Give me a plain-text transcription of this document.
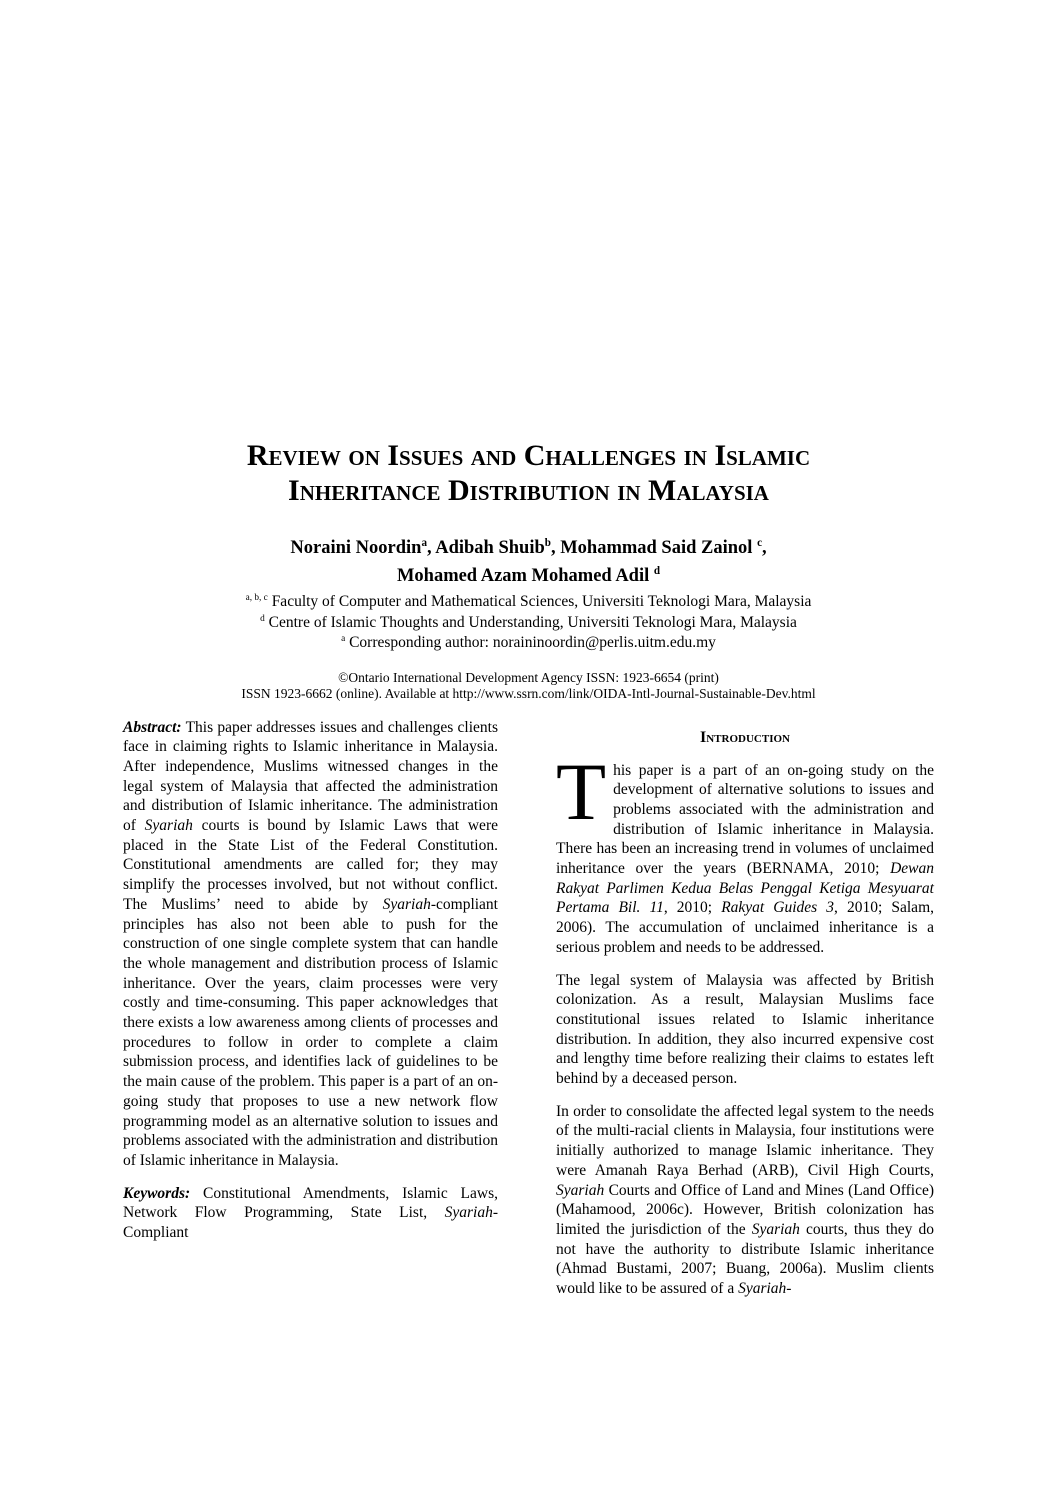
Review on Issues and Challenges in Islamic
Inheritance Distribution in Malaysia
Noraini Noordin$^a$, Adibah Shuib$^b$, Mohammad Said Zainol $^c$,
Mohamed Azam Mohamed Adil $^d$
$^{a, b, c}$ Faculty of Computer and Mathematical Sciences, Universiti Teknologi Mara, Malaysia
$^d$ Centre of Islamic Thoughts and Understanding, Universiti Teknologi Mara, Malaysia
$^a$ Corresponding author: noraininoordin@perlis.uitm.edu.my
©Ontario International Development Agency ISSN: 1923-6654 (print)
ISSN 1923-6662 (online). Available at http://www.ssrn.com/link/OIDA-Intl-Journal-Sustainable-Dev.html
Abstract: This paper addresses issues and challenges clients face in claiming rights to Islamic inheritance in Malaysia. After independence, Muslims witnessed changes in the legal system of Malaysia that affected the administration and distribution of Islamic inheritance. The administration of Syariah courts is bound by Islamic Laws that were placed in the State List of the Federal Constitution. Constitutional amendments are called for; they may simplify the processes involved, but not without conflict. The Muslims’ need to abide by Syariah-compliant principles has also not been able to push for the construction of one single complete system that can handle the whole management and distribution process of Islamic inheritance. Over the years, claim processes were very costly and time-consuming. This paper acknowledges that there exists a low awareness among clients of processes and procedures to follow in order to complete a claim submission process, and identifies lack of guidelines to be the main cause of the problem. This paper is a part of an on-going study that proposes to use a new network flow programming model as an alternative solution to issues and problems associated with the administration and distribution of Islamic inheritance in Malaysia.
Keywords: Constitutional Amendments, Islamic Laws, Network Flow Programming, State List, Syariah- Compliant
Introduction
This paper is a part of an on-going study on the development of alternative solutions to issues and problems associated with the administration and distribution of Islamic inheritance in Malaysia. There has been an increasing trend in volumes of unclaimed inheritance over the years (BERNAMA, 2010; Dewan Rakyat Parlimen Kedua Belas Penggal Ketiga Mesyuarat Pertama Bil. 11, 2010; Rakyat Guides 3, 2010; Salam, 2006). The accumulation of unclaimed inheritance is a serious problem and needs to be addressed.
The legal system of Malaysia was affected by British colonization. As a result, Malaysian Muslims face constitutional issues related to Islamic inheritance distribution. In addition, they also incurred expensive cost and lengthy time before realizing their claims to estates left behind by a deceased person.
In order to consolidate the affected legal system to the needs of the multi-racial clients in Malaysia, four institutions were initially authorized to manage Islamic inheritance. They were Amanah Raya Berhad (ARB), Civil High Courts, Syariah Courts and Office of Land and Mines (Land Office) (Mahamood, 2006c). However, British colonization has limited the jurisdiction of the Syariah courts, thus they do not have the authority to distribute Islamic inheritance (Ahmad Bustami, 2007; Buang, 2006a). Muslim clients would like to be assured of a Syariah-
